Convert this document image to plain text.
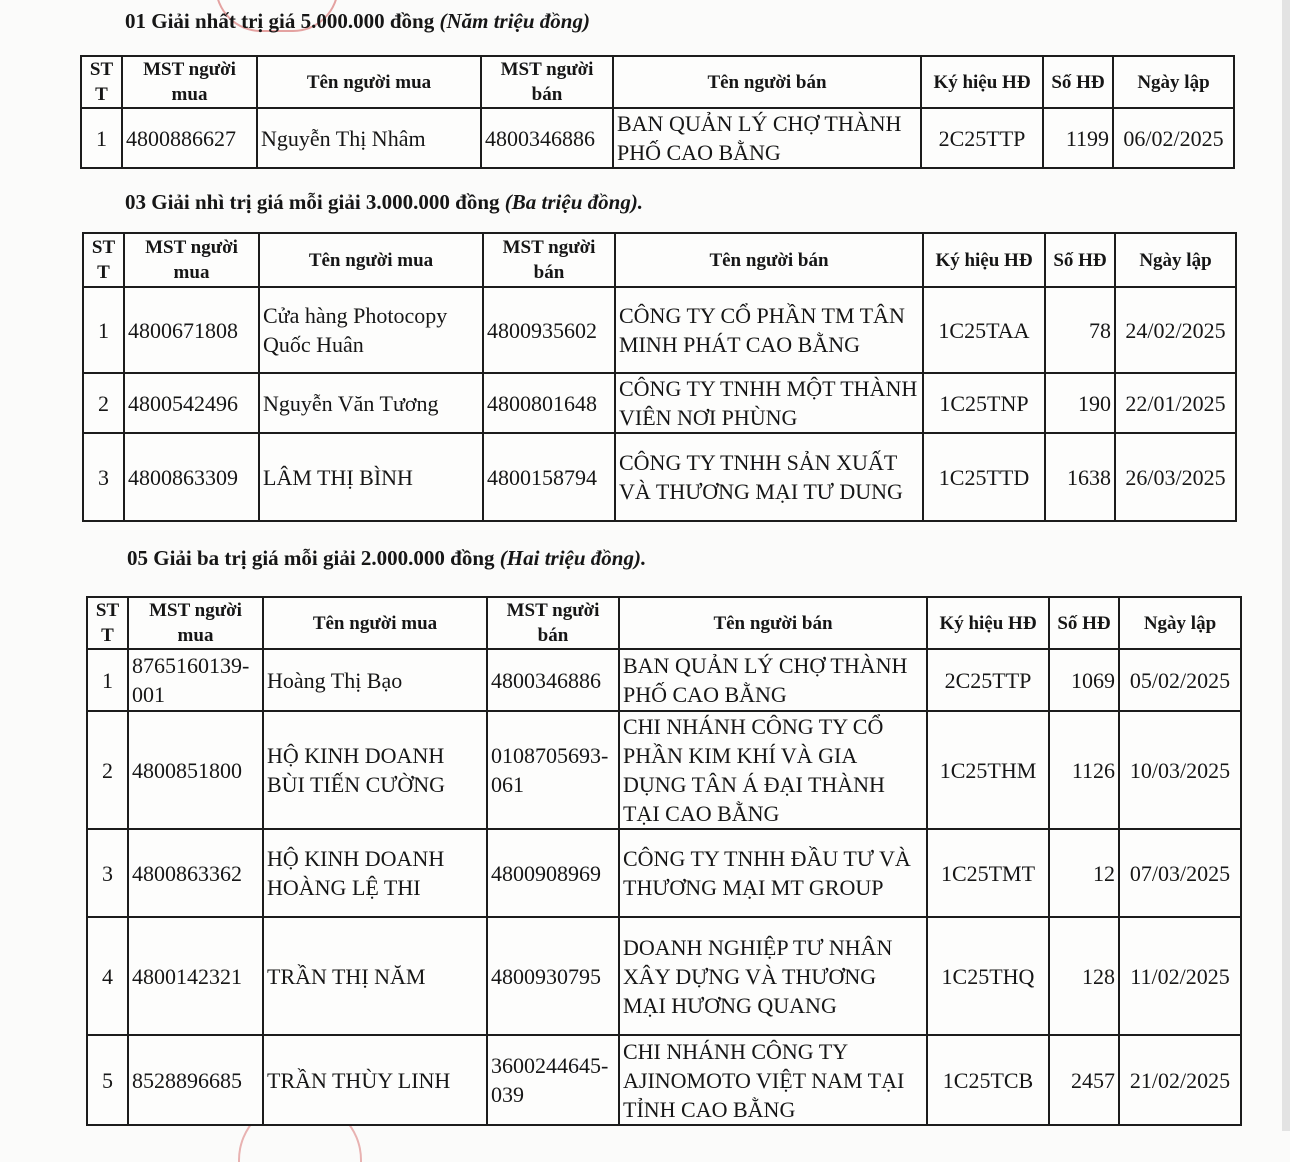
01 Giải nhất trị giá 5.000.000 đồng (Năm triệu đồng)
ST T	MST người mua	Tên người mua	MST người bán	Tên người bán	Ký hiệu HĐ	Số HĐ	Ngày lập
1	4800886627	Nguyễn Thị Nhâm	4800346886	BAN QUẢN LÝ CHỢ THÀNH PHỐ CAO BẰNG	2C25TTP	1199	06/02/2025
03 Giải nhì trị giá mỗi giải 3.000.000 đồng (Ba triệu đồng).
ST T	MST người mua	Tên người mua	MST người bán	Tên người bán	Ký hiệu HĐ	Số HĐ	Ngày lập
1	4800671808	Cửa hàng Photocopy Quốc Huân	4800935602	CÔNG TY CỔ PHẦN TM TÂN MINH PHÁT CAO BẰNG	1C25TAA	78	24/02/2025
2	4800542496	Nguyễn Văn Tương	4800801648	CÔNG TY TNHH MỘT THÀNH VIÊN NƠI PHÙNG	1C25TNP	190	22/01/2025
3	4800863309	LÂM THỊ BÌNH	4800158794	CÔNG TY TNHH SẢN XUẤT VÀ THƯƠNG MẠI TƯ DUNG	1C25TTD	1638	26/03/2025
05 Giải ba trị giá mỗi giải 2.000.000 đồng (Hai triệu đồng).
ST T	MST người mua	Tên người mua	MST người bán	Tên người bán	Ký hiệu HĐ	Số HĐ	Ngày lập
1	8765160139-001	Hoàng Thị Bạo	4800346886	BAN QUẢN LÝ CHỢ THÀNH PHỐ CAO BẰNG	2C25TTP	1069	05/02/2025
2	4800851800	HỘ KINH DOANH BÙI TIẾN CƯỜNG	0108705693-061	CHI NHÁNH CÔNG TY CỔ PHẦN KIM KHÍ VÀ GIA DỤNG TÂN Á ĐẠI THÀNH TẠI CAO BẰNG	1C25THM	1126	10/03/2025
3	4800863362	HỘ KINH DOANH HOÀNG LỆ THI	4800908969	CÔNG TY TNHH ĐẦU TƯ VÀ THƯƠNG MẠI MT GROUP	1C25TMT	12	07/03/2025
4	4800142321	TRẦN THỊ NĂM	4800930795	DOANH NGHIỆP TƯ NHÂN XÂY DỰNG VÀ THƯƠNG MẠI HƯƠNG QUANG	1C25THQ	128	11/02/2025
5	8528896685	TRẦN THÙY LINH	3600244645-039	CHI NHÁNH CÔNG TY AJINOMOTO VIỆT NAM TẠI TỈNH CAO BẰNG	1C25TCB	2457	21/02/2025
